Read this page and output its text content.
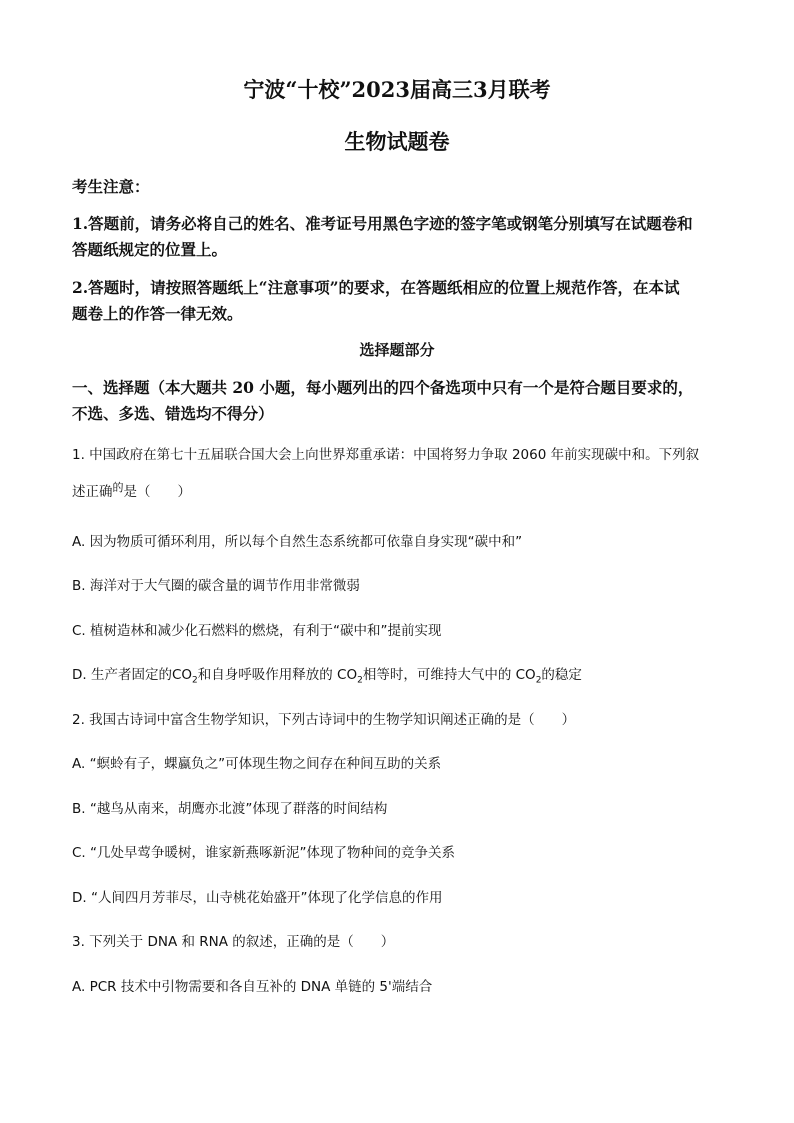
宁波“十校”2023届高三3月联考
生物试题卷
考生注意：
1.答题前，请务必将自己的姓名、准考证号用黑色字迹的签字笔或钢笔分别填写在试题卷和
答题纸规定的位置上。
2.答题时，请按照答题纸上“注意事项”的要求，在答题纸相应的位置上规范作答，在本试
题卷上的作答一律无效。
选择题部分
一、选择题（本大题共 20 小题，每小题列出的四个备选项中只有一个是符合题目要求的，
不选、多选、错选均不得分）
1. 中国政府在第七十五届联合国大会上向世界郑重承诺：中国将努力争取 2060 年前实现碳中和。下列叙
述正确$^的$是（　　）
A. 因为物质可循环利用，所以每个自然生态系统都可依靠自身实现“碳中和”
B. 海洋对于大气圈的碳含量的调节作用非常微弱
C. 植树造林和减少化石燃料的燃烧，有利于“碳中和”提前实现
D. 生产者固定的$CO_2$和自身呼吸作用释放的 $CO_2$相等时，可维持大气中的 $CO_2$的稳定
2. 我国古诗词中富含生物学知识，下列古诗词中的生物学知识阐述正确的是（　　）
A. “螟蛉有子，蜾蠃负之”可体现生物之间存在种间互助的关系
B. “越鸟从南来，胡鹰亦北渡”体现了群落的时间结构
C. “几处早莺争暖树，谁家新燕啄新泥”体现了物种间的竞争关系
D. “人间四月芳菲尽，山寺桃花始盛开”体现了化学信息的作用
3. 下列关于 DNA 和 RNA 的叙述，正确的是（　　）
A. PCR 技术中引物需要和各自互补的 DNA 单链的 5'端结合
